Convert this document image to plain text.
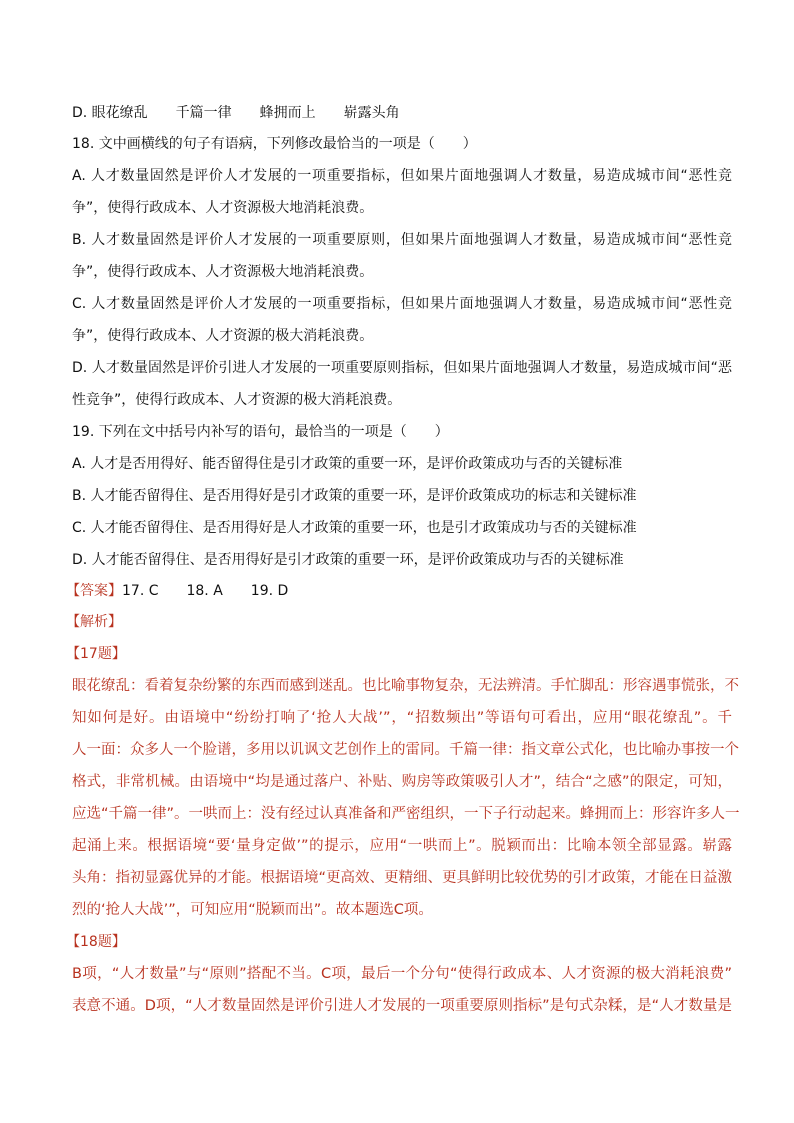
D. 眼花缭乱　　千篇一律　　蜂拥而上　　崭露头角
18. 文中画横线的句子有语病，下列修改最恰当的一项是（　　）
A. 人才数量固然是评价人才发展的一项重要指标，但如果片面地强调人才数量，易造成城市间“恶性竞
争”，使得行政成本、人才资源极大地消耗浪费。
B. 人才数量固然是评价人才发展的一项重要原则，但如果片面地强调人才数量，易造成城市间“恶性竞
争”，使得行政成本、人才资源极大地消耗浪费。
C. 人才数量固然是评价人才发展的一项重要指标，但如果片面地强调人才数量，易造成城市间“恶性竞
争”，使得行政成本、人才资源的极大消耗浪费。
D. 人才数量固然是评价引进人才发展的一项重要原则指标，但如果片面地强调人才数量，易造成城市间“恶
性竞争”，使得行政成本、人才资源的极大消耗浪费。
19. 下列在文中括号内补写的语句，最恰当的一项是（　　）
A. 人才是否用得好、能否留得住是引才政策的重要一环，是评价政策成功与否的关键标准
B. 人才能否留得住、是否用得好是引才政策的重要一环，是评价政策成功的标志和关键标准
C. 人才能否留得住、是否用得好是人才政策的重要一环，也是引才政策成功与否的关键标准
D. 人才能否留得住、是否用得好是引才政策的重要一环，是评价政策成功与否的关键标准
【答案】17. C　　18. A　　19. D
【解析】
【17题】
眼花缭乱：看着复杂纷繁的东西而感到迷乱。也比喻事物复杂，无法辨清。手忙脚乱：形容遇事慌张，不
知如何是好。由语境中“纷纷打响了‘抢人大战’”，“招数频出”等语句可看出，应用“眼花缭乱”。千
人一面：众多人一个脸谱，多用以讥讽文艺创作上的雷同。千篇一律：指文章公式化，也比喻办事按一个
格式，非常机械。由语境中“均是通过落户、补贴、购房等政策吸引人才”，结合“之感”的限定，可知，
应选“千篇一律”。一哄而上：没有经过认真准备和严密组织，一下子行动起来。蜂拥而上：形容许多人一
起涌上来。根据语境“要‘量身定做’”的提示，应用“一哄而上”。脱颖而出：比喻本领全部显露。崭露
头角：指初显露优异的才能。根据语境“更高效、更精细、更具鲜明比较优势的引才政策，才能在日益激
烈的‘抢人大战’”，可知应用“脱颖而出”。故本题选C项。
【18题】
B项，“人才数量”与“原则”搭配不当。C项，最后一个分句“使得行政成本、人才资源的极大消耗浪费”
表意不通。D项，“人才数量固然是评价引进人才发展的一项重要原则指标”是句式杂糅，是“人才数量是
